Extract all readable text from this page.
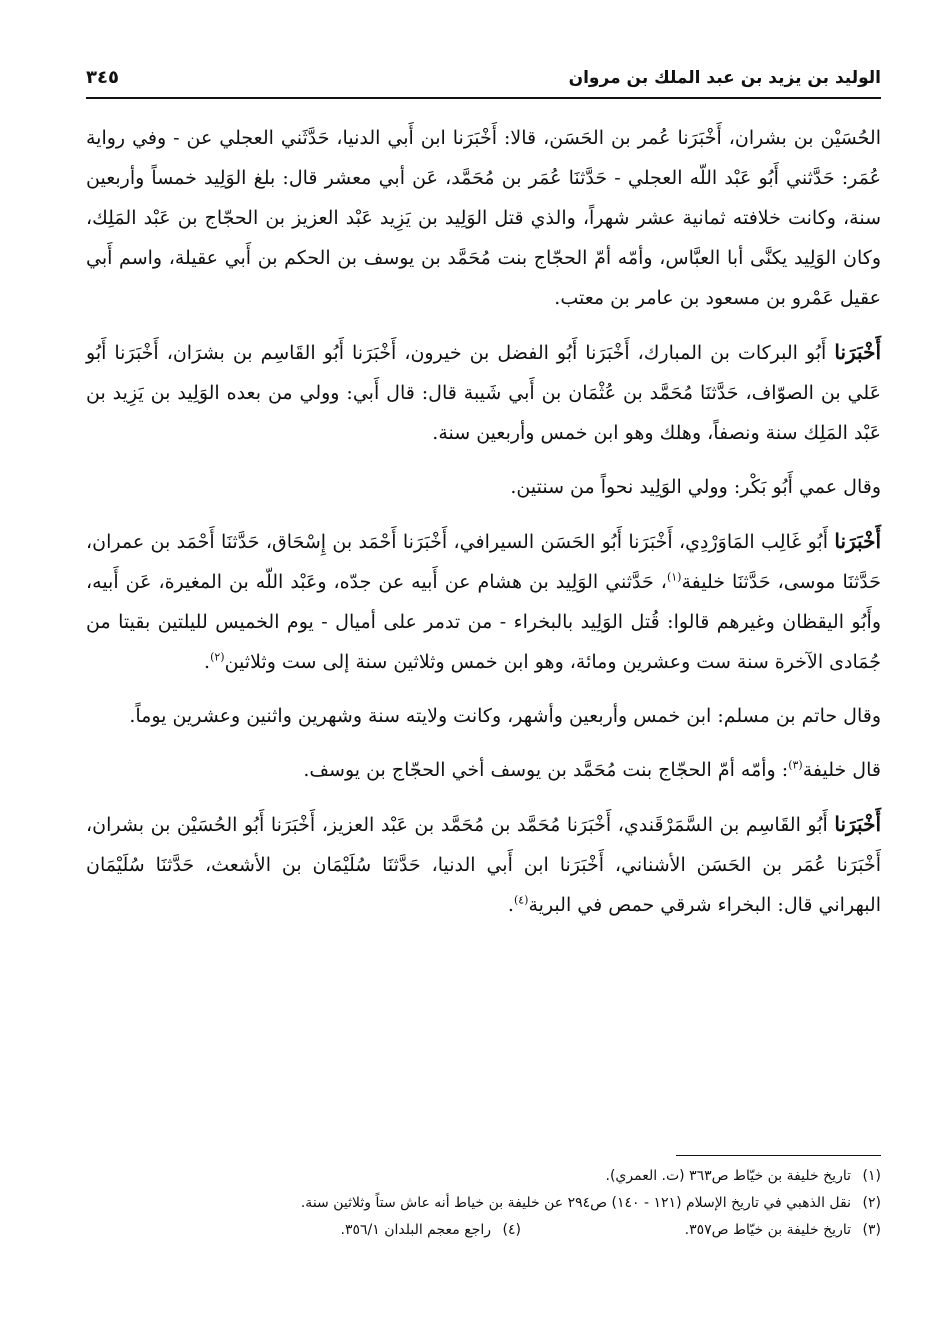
الوليد بن يزيد بن عبد الملك بن مروان
٣٤٥

الحُسَيْن بن بشران، أَخْبَرَنا عُمر بن الحَسَن، قالا: أَخْبَرَنا ابن أَبي الدنيا، حَدَّثَني العجلي عن - وفي رواية عُمَر: حَدَّثني أَبُو عَبْد اللّه العجلي - حَدَّثنَا عُمَر بن مُحَمَّد، عَن أبي معشر قال: بلغ الوَلِيد خمساً وأربعين سنة، وكانت خلافته ثمانية عشر شهراً، والذي قتل الوَلِيد بن يَزِيد عَبْد العزيز بن الحجّاج بن عَبْد المَلِك، وكان الوَلِيد يكنَّى أبا العبَّاس، وأمّه أمّ الحجّاج بنت مُحَمَّد بن يوسف بن الحكم بن أَبي عقيلة، واسم أَبي عقيل عَمْرو بن مسعود بن عامر بن معتب.

أَخْبَرَنا أَبُو البركات بن المبارك، أَخْبَرَنا أَبُو الفضل بن خيرون، أَخْبَرَنا أَبُو القَاسِم بن بشرَان، أَخْبَرَنا أَبُو عَلي بن الصوّاف، حَدَّثنَا مُحَمَّد بن عُثْمَان بن أَبي شَيبة قال: قال أَبي: وولي من بعده الوَلِيد بن يَزِيد بن عَبْد المَلِك سنة ونصفاً، وهلك وهو ابن خمس وأربعين سنة.

وقال عمي أَبُو بَكْر: وولي الوَلِيد نحواً من سنتين.

أَخْبَرَنا أَبُو غَالِب المَاوَرْدِي، أَخْبَرَنا أَبُو الحَسَن السيرافي، أَخْبَرَنا أَحْمَد بن إِسْحَاق، حَدَّثنَا أَحْمَد بن عمران، حَدَّثنَا موسى، حَدَّثنَا خليفة$^{(١)}$، حَدَّثني الوَلِيد بن هشام عن أَبيه عن جدّه، وعَبْد اللّه بن المغيرة، عَن أَبيه، وأَبُو اليقظان وغيرهم قالوا: قُتل الوَلِيد بالبخراء - من تدمر على أميال - يوم الخميس لليلتين بقيتا من جُمَادى الآخرة سنة ست وعشرين ومائة، وهو ابن خمس وثلاثين سنة إلى ست وثلاثين$^{(٢)}$.

وقال حاتم بن مسلم: ابن خمس وأربعين وأشهر، وكانت ولايته سنة وشهرين واثنين وعشرين يوماً.

قال خليفة$^{(٣)}$: وأمّه أمّ الحجّاج بنت مُحَمَّد بن يوسف أخي الحجّاج بن يوسف.

أَخْبَرَنا أَبُو القَاسِم بن السَّمَرْقَندي، أَخْبَرَنا مُحَمَّد بن مُحَمَّد بن عَبْد العزيز، أَخْبَرَنا أَبُو الحُسَيْن بن بشران، أَخْبَرَنا عُمَر بن الحَسَن الأشناني، أَخْبَرَنا ابن أَبي الدنيا، حَدَّثنَا سُلَيْمَان بن الأشعث، حَدَّثنَا سُلَيْمَان البهراني قال: البخراء شرقي حمص في البرية$^{(٤)}$.

(١)
تاريخ خليفة بن خيّاط ص٣٦٣ (ت. العمري).
(٢)
نقل الذهبي في تاريخ الإسلام (١٢١ - ١٤٠) ص٢٩٤ عن خليفة بن خياط أنه عاش ستاً وثلاثين سنة.
(٣)
تاريخ خليفة بن خيّاط ص٣٥٧.
(٤)
راجع معجم البلدان ٣٥٦/١.
